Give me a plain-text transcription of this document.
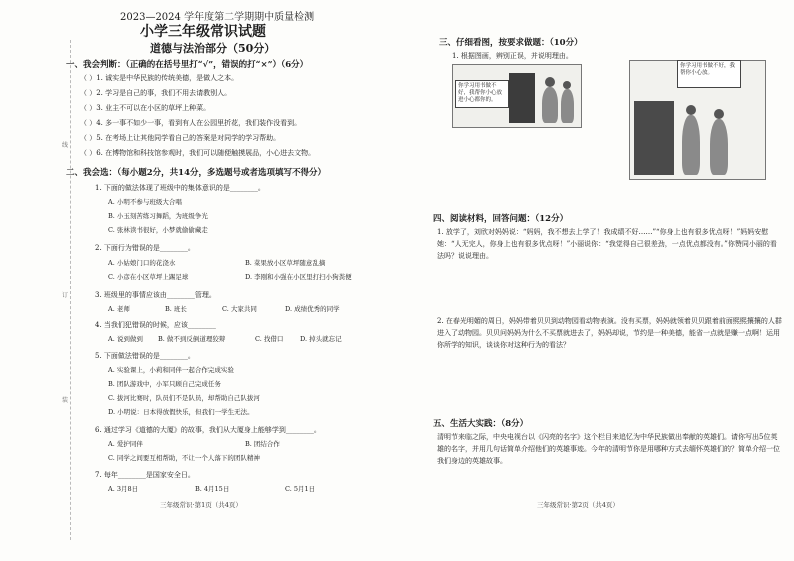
线
订
装
2023—2024 学年度第二学期期中质量检测
小学三年级常识试题
道德与法治部分（50分）
一、我会判断：（正确的在括号里打“√”，错误的打“×”）（6分）
（ ）1. 诚实是中华民族的传统美德，是做人之本。
（ ）2. 学习是自己的事，我们不用去请教别人。
（ ）3. 业主不可以在小区的草坪上种菜。
（ ）4. 多一事不如少一事，看到有人在公园里折花，我们装作没看到。
（ ）5. 在考场上让其他同学看自己的答案是对同学的学习帮助。
（ ）6. 在博物馆和科技馆参观时，我们可以随便触摸展品，小心进去文物。
二、我会选：（每小题2分，共14分，多选题号或者选项填写不得分）
1. 下面的做法体现了班级中的集体意识的是________。
A. 小明不参与班级大合唱
B. 小玉刻苦练习舞蹈，为班级争光
C. 张林读书很好，小梦就偷偷藏走
2. 下面行为错误的是________。
A. 小姑娘门口的花浇水	B. 菜果放小区草坪随意乱摘
C. 小彦在小区草坪上踢足球	D. 李刚和小强在小区里打扫小狗粪便
3. 班级里的事情应该由________管理。
A. 老师	B. 班长	C. 大家共同	D. 成绩优秀的同学
4. 当我们犯错误的时候，应该________
A. 说到做到 B. 做不到反倒道理狡辩	C. 找借口	D. 掉头就忘记
5. 下面做法错误的是________。
A. 实验课上，小莉和同伴一起合作完成实验
B. 团队游戏中，小军只顾自己完成任务
C. 拔河比赛时，队员们不是队员，却帮助自己队拔河
D. 小明说：日本得放假快乐，但我们一学生无法。
6. 通过学习《道德的大厦》的故事，我们从大厦身上能够学到________。
A. 爱护同伴	B. 团结合作
C. 同学之间要互相帮助，不让一个人落下的团队精神
7. 每年________是国家安全日。
A. 3月8日	B. 4月15日	C. 5月1日
三年级常识·第1页（共4页）
三、仔细看图，按要求做题：（10分）
1. 根据图画，辨别正误，并说明理由。
你学习用书做不好，我帮你小心放进小心都你的。
你学习用书做不好，我帮你小心放。
四、阅读材料，回答问题：（12分）
1. 放学了，刘欣对妈妈说：“妈妈，我不想去上学了！我成绩不好……”“你身上也有很多优点呀！”妈妈安慰她：“人无完人，你身上也有很多优点呀！”小丽说你：“我觉得自己很差劲，一点优点都没有。”你赞同小丽的看法吗？说说理由。
2. 在春光明媚的周日，妈妈带着贝贝到动物园看动物表演。没有买票，妈妈就领着贝贝跟着前面熙熙攘攘的人群进入了动物园。贝贝问妈妈为什么不买票就进去了，妈妈却说，节约是一种美德，能省一点就是赚一点啊！运用你所学的知识，谈谈你对这种行为的看法？
五、生活大实践：（8分）
清明节来临之际，中央电视台以《闪亮的名字》这个栏目来追忆为中华民族做出奉献的英雄们。请你写出5位英雄的名字，并用几句话简单介绍他们的英雄事迹。今年的清明节你是用哪种方式去缅怀英雄们的？简单介绍一位我们身边的英雄故事。
三年级常识·第2页（共4页）
